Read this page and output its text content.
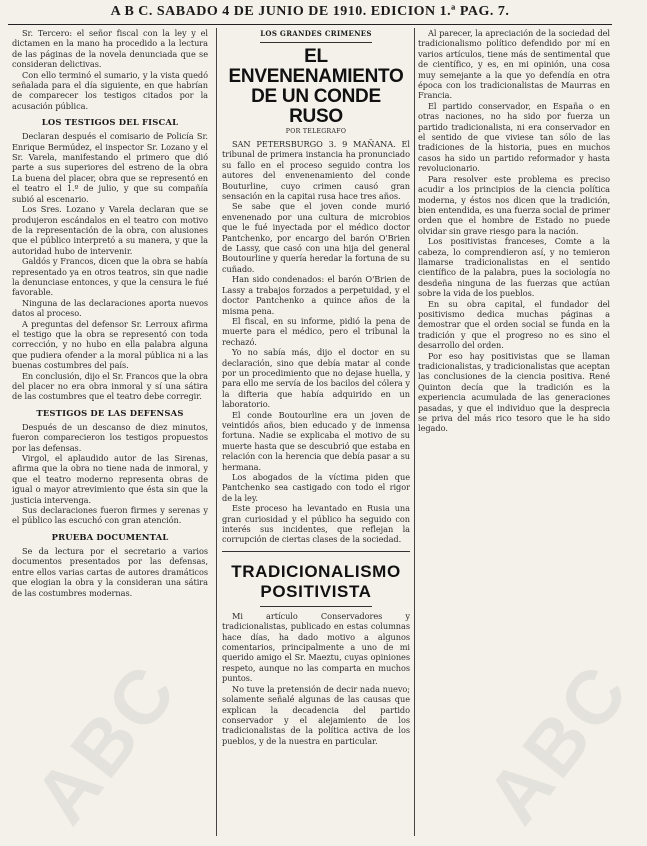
A B C. SABADO 4 DE JUNIO DE 1910. EDICION 1.ª PAG. 7.

Sr. Tercero: el señor fiscal con la ley y el dictamen en la mano ha procedido a la lectura de las páginas de la novela denunciada que se consideran delictivas.

Con ello terminó el sumario, y la vista quedó señalada para el día siguiente, en que habrían de comparecer los testigos citados por la acusación pública.

LOS TESTIGOS DEL FISCAL

Declaran después el comisario de Policía Sr. Enrique Bermúdez, el inspector Sr. Lozano y el Sr. Varela, manifestando el primero que dió parte a sus superiores del estreno de la obra La buena del placer, obra que se representó en el teatro el 1.º de julio, y que su compañía subió al escenario.

Los Sres. Lozano y Varela declaran que se produjeron escándalos en el teatro con motivo de la representación de la obra, con alusiones que el público interpretó a su manera, y que la autoridad hubo de intervenir.

Galdós y Francos, dicen que la obra se había representado ya en otros teatros, sin que nadie la denunciase entonces, y que la censura le fué favorable.

Ninguna de las declaraciones aporta nuevos datos al proceso.

A preguntas del defensor Sr. Lerroux afirma el testigo que la obra se representó con toda corrección, y no hubo en ella palabra alguna que pudiera ofender a la moral pública ni a las buenas costumbres del país.

En conclusión, dijo el Sr. Francos que la obra del placer no era obra inmoral y sí una sátira de las costumbres que el teatro debe corregir.

TESTIGOS DE LAS DEFENSAS

Después de un descanso de diez minutos, fueron comparecieron los testigos propuestos por las defensas.

Virgol, el aplaudido autor de las Sirenas, afirma que la obra no tiene nada de inmoral, y que el teatro moderno representa obras de igual o mayor atrevimiento que ésta sin que la justicia intervenga.

Sus declaraciones fueron firmes y serenas y el público las escuchó con gran atención.

PRUEBA DOCUMENTAL

Se da lectura por el secretario a varios documentos presentados por las defensas, entre ellos varias cartas de autores dramáticos que elogian la obra y la consideran una sátira de las costumbres modernas.

LOS GRANDES CRIMENES
EL ENVENENAMIENTO DE UN CONDE RUSO
POR TELEGRAFO

SAN PETERSBURGO 3. 9 MAÑANA. El tribunal de primera instancia ha pronunciado su fallo en el proceso seguido contra los autores del envenenamiento del conde Bouturline, cuyo crimen causó gran sensación en la capitai rusa hace tres años.

Se sabe que el joven conde murió envenenado por una cultura de microbios que le fué inyectada por el médico doctor Pantchenko, por encargo del barón O'Brien de Lassy, que casó con una hija del general Boutourline y quería heredar la fortuna de su cuñado.

Han sido condenados: el barón O'Brien de Lassy a trabajos forzados a perpetuidad, y el doctor Pantchenko a quince años de la misma pena.

El fiscal, en su informe, pidió la pena de muerte para el médico, pero el tribunal la rechazó.

Yo no sabía más, dijo el doctor en su declaración, sino que debía matar al conde por un procedimiento que no dejase huella, y para ello me servía de los bacilos del cólera y la difteria que había adquirido en un laboratorio.

El conde Boutourline era un joven de veintidós años, bien educado y de inmensa fortuna. Nadie se explicaba el motivo de su muerte hasta que se descubrió que estaba en relación con la herencia que debía pasar a su hermana.

Los abogados de la víctima piden que Pantchenko sea castigado con todo el rigor de la ley.

Este proceso ha levantado en Rusia una gran curiosidad y el público ha seguido con interés sus incidentes, que reflejan la corrupción de ciertas clases de la sociedad.

TRADICIONALISMO POSITIVISTA

Mi artículo Conservadores y tradicionalistas, publicado en estas columnas hace días, ha dado motivo a algunos comentarios, principalmente a uno de mi querido amigo el Sr. Maeztu, cuyas opiniones respeto, aunque no las comparta en muchos puntos.

No tuve la pretensión de decir nada nuevo; solamente señalé algunas de las causas que explican la decadencia del partido conservador y el alejamiento de los tradicionalistas de la política activa de los pueblos, y de la nuestra en particular.

Al parecer, la apreciación de la sociedad del tradicionalismo político defendido por mí en varios artículos, tiene más de sentimental que de científico, y es, en mi opinión, una cosa muy semejante a la que yo defendía en otra época con los tradicionalistas de Maurras en Francia.

El partido conservador, en España o en otras naciones, no ha sido por fuerza un partido tradicionalista, ni era conservador en el sentido de que viviese tan sólo de las tradiciones de la historia, pues en muchos casos ha sido un partido reformador y hasta revolucionario.

Para resolver este problema es preciso acudir a los principios de la ciencia política moderna, y éstos nos dicen que la tradición, bien entendida, es una fuerza social de primer orden que el hombre de Estado no puede olvidar sin grave riesgo para la nación.

Los positivistas franceses, Comte a la cabeza, lo comprendieron así, y no temieron llamarse tradicionalistas en el sentido científico de la palabra, pues la sociología no desdeña ninguna de las fuerzas que actúan sobre la vida de los pueblos.

En su obra capital, el fundador del positivismo dedica muchas páginas a demostrar que el orden social se funda en la tradición y que el progreso no es sino el desarrollo del orden.

Por eso hay positivistas que se llaman tradicionalistas, y tradicionalistas que aceptan las conclusiones de la ciencia positiva. René Quinton decía que la tradición es la experiencia acumulada de las generaciones pasadas, y que el individuo que la desprecia se priva del más rico tesoro que le ha sido legado.

ABC	ABC
